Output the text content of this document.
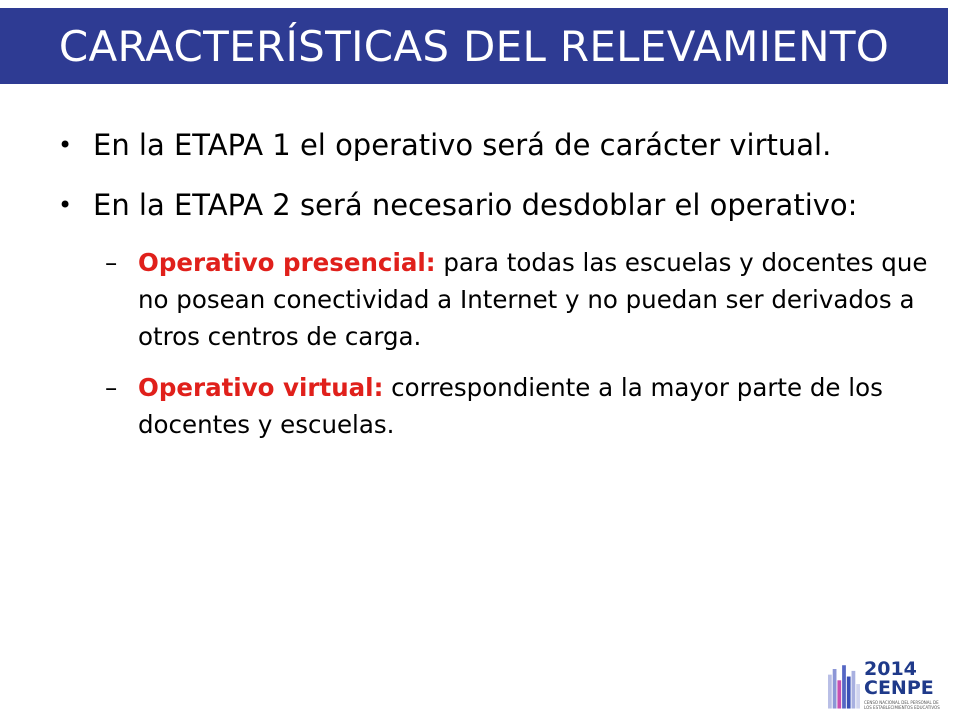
CARACTERÍSTICAS DEL RELEVAMIENTO
• En la ETAPA 1 el operativo será de carácter virtual.
• En la ETAPA 2 será necesario desdoblar el operativo:
– Operativo presencial: para todas las escuelas y docentes que no posean conectividad a Internet y no puedan ser derivados a otros centros de carga.
– Operativo virtual: correspondiente a la mayor parte de los docentes y escuelas.
2014
CENPE
CENSO NACIONAL DEL PERSONAL DE LOS ESTABLECIMIENTOS EDUCATIVOS
